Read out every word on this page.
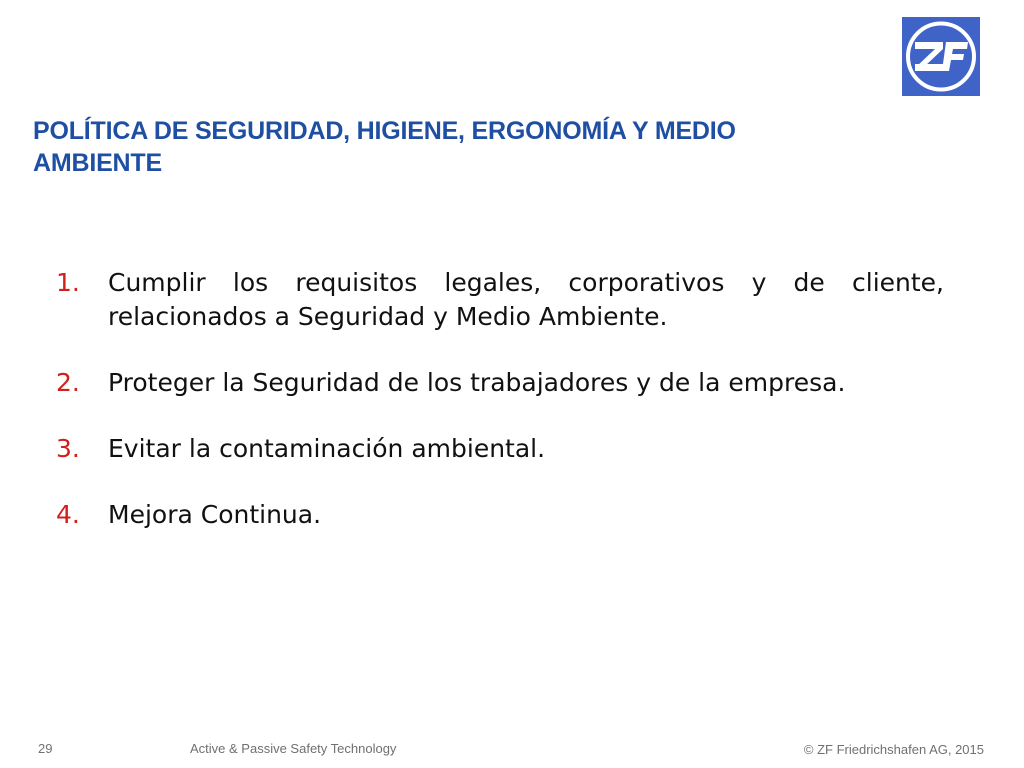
POLÍTICA DE SEGURIDAD, HIGIENE, ERGONOMÍA Y MEDIO
AMBIENTE
1.	Cumplir los requisitos legales, corporativos y de cliente, relacionados a Seguridad y Medio Ambiente.
2.	Proteger la Seguridad de los trabajadores y de la empresa.
3.	Evitar la contaminación ambiental.
4.	Mejora Continua.

29	Active & Passive Safety Technology	© ZF Friedrichshafen AG, 2015
